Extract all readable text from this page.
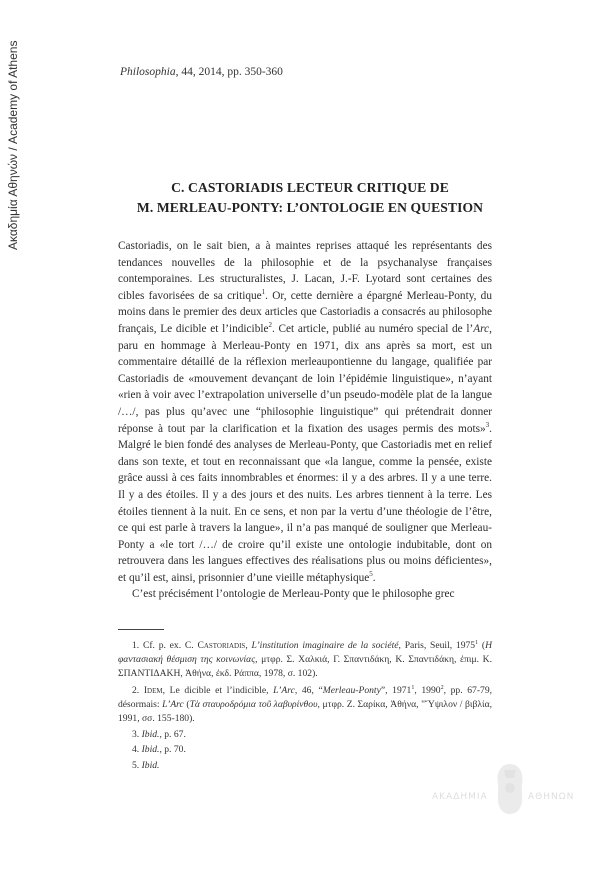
Ακαδημία Αθηνών / Academy of Athens	Philosophia, 44, 2014, pp. 350-360
C. CASTORIADIS LECTEUR CRITIQUE DE
M. MERLEAU-PONTY: L’ONTOLOGIE EN QUESTION

Castoriadis, on le sait bien, a à maintes reprises attaqué les représentants des tendances nouvelles de la philosophie et de la psychanalyse françaises contemporaines. Les structuralistes, J. Lacan, J.-F. Lyotard sont certaines des cibles favorisées de sa critique$^1$. Or, cette dernière a épargné Merleau-Ponty, du moins dans le premier des deux articles que Castoriadis a consacrés au philosophe français, Le dicible et l’indicible$^2$. Cet article, publié au numéro special de l’Arc, paru en hommage à Merleau-Ponty en 1971, dix ans après sa mort, est un commentaire détaillé de la réflexion merleaupontienne du langage, qualifiée par Castoriadis de «mouvement devançant de loin l’épidémie linguistique», n’ayant «rien à voir avec l’extrapolation universelle d’un pseudo-modèle plat de la langue /…/, pas plus qu’avec une “philosophie linguistique” qui prétendrait donner réponse à tout par la clarification et la fixation des usages permis des mots»$^3$. Malgré le bien fondé des analyses de Merleau-Ponty, que Castoriadis met en relief dans son texte, et tout en reconnaissant que «la langue, comme la pensée, existe grâce aussi à ces faits innombrables et énormes: il y a des arbres. Il y a une terre. Il y a des étoiles. Il y a des jours et des nuits. Les arbres tiennent à la terre. Les étoiles tiennent à la nuit. En ce sens, et non par la vertu d’une théologie de l’être, ce qui est parle à travers la langue», il n’a pas manqué de souligner que Merleau-Ponty a «le tort /…/ de croire qu’il existe une ontologie indubitable, dont on retrouvera dans les langues effectives des réalisations plus ou moins déficientes», et qu’il est, ainsi, prisonnier d’une vieille métaphysique$^5$.

C’est précisément l’ontologie de Merleau-Ponty que le philosophe grec

1. Cf. p. ex. C. Castoriadis, L’institution imaginaire de la société, Paris, Seuil, 1975$^1$ (Η φαντασιακή θέσμιση της κοινωνίας, μτφρ. Σ. Χαλκιά, Γ. Σπαντιδάκη, Κ. Σπαντιδάκη, ἐπιμ. Κ. ΣΠΑΝΤΙΔΑΚΗ, Ἀθήνα, ἐκδ. Ράππα, 1978, σ. 102).
2. Idem, Le dicible et l’indicible, L’Arc, 46, “Merleau-Ponty”, 1971$^1$, 1990$^2$, pp. 67-79, désormais: L’Arc (Τὰ σταυροδρόμια τοῦ λαβυρίνθου, μτφρ. Ζ. Σαρίκα, Ἀθήνα, "Ὕψιλον / βιβλία, 1991, σσ. 155-180).
3. Ibid., p. 67.
4. Ibid., p. 70.
5. Ibid.
ΑΚΑΔΗΜΙΑ	ΑΘΗΝΩΝ
